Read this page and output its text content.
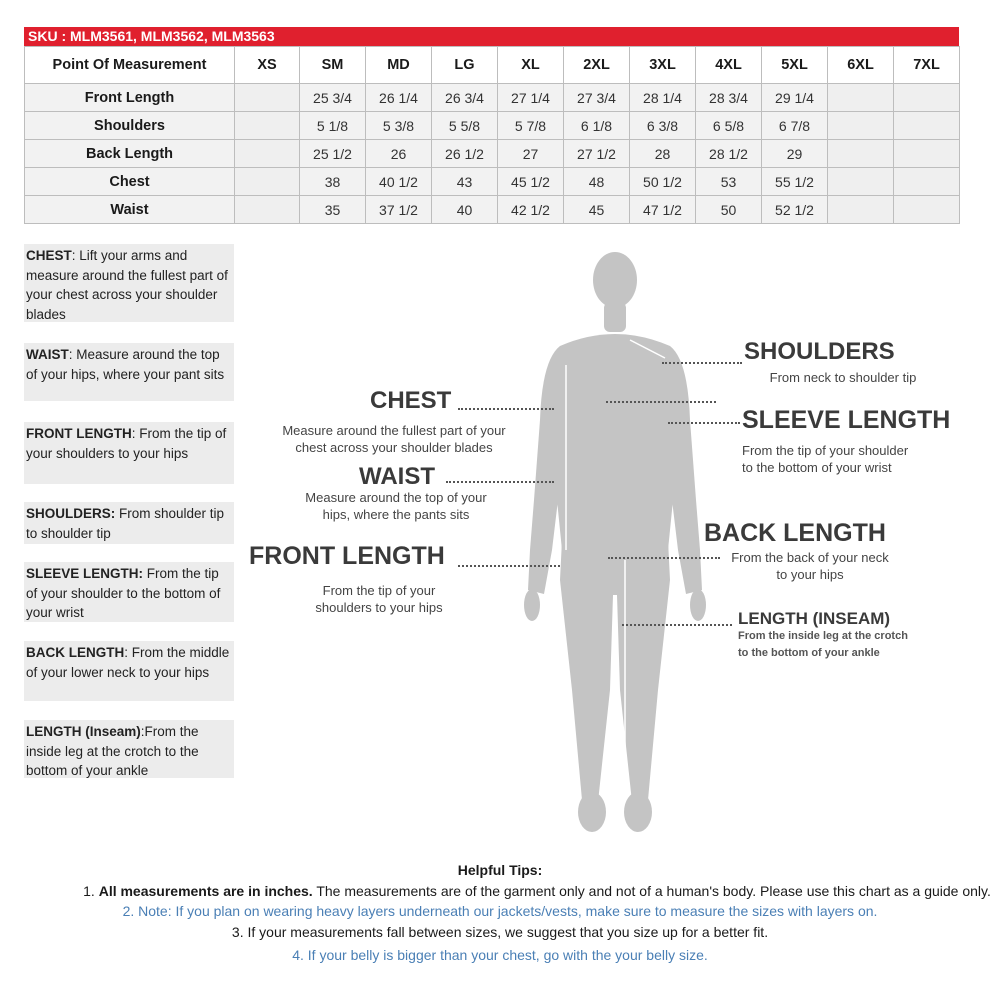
SKU : MLM3561, MLM3562, MLM3563
Point Of Measurement	XS	SM	MD	LG	XL	2XL	3XL	4XL	5XL	6XL	7XL
Front Length		25 3/4	26 1/4	26 3/4	27 1/4	27 3/4	28 1/4	28 3/4	29 1/4		
Shoulders		5 1/8	5 3/8	5 5/8	5 7/8	6 1/8	6 3/8	6 5/8	6 7/8		
Back Length		25 1/2	26	26 1/2	27	27 1/2	28	28 1/2	29		
Chest		38	40 1/2	43	45 1/2	48	50 1/2	53	55 1/2		
Waist		35	37 1/2	40	42 1/2	45	47 1/2	50	52 1/2		
CHEST: Lift your arms and measure around the fullest part of your chest across your shoulder blades
WAIST: Measure around the top of your hips, where your pant sits
FRONT LENGTH: From the tip of your shoulders to your hips
SHOULDERS: From shoulder tip to shoulder tip
SLEEVE LENGTH: From the tip of your shoulder to the bottom of your wrist
BACK LENGTH: From the middle of your lower neck to your hips
LENGTH (Inseam):From the inside leg at the crotch to the bottom of your ankle
CHEST
Measure around the fullest part of your chest across your shoulder blades
WAIST
Measure around the top of your hips, where the pants sits
FRONT LENGTH
From the tip of your shoulders to your hips
SHOULDERS
From neck to shoulder tip
SLEEVE LENGTH
From the tip of your shoulder to the bottom of your wrist
BACK LENGTH
From the back of your neck to your hips
LENGTH (INSEAM)
From the inside leg at the crotch to the bottom of your ankle
Helpful Tips:
1. All measurements are in inches. The measurements are of the garment only and not of a human's body. Please use this chart as a guide only.
2. Note: If you plan on wearing heavy layers underneath our jackets/vests, make sure to measure the sizes with layers on.
3. If your measurements fall between sizes, we suggest that you size up for a better fit.
4. If your belly is bigger than your chest, go with the your belly size.
